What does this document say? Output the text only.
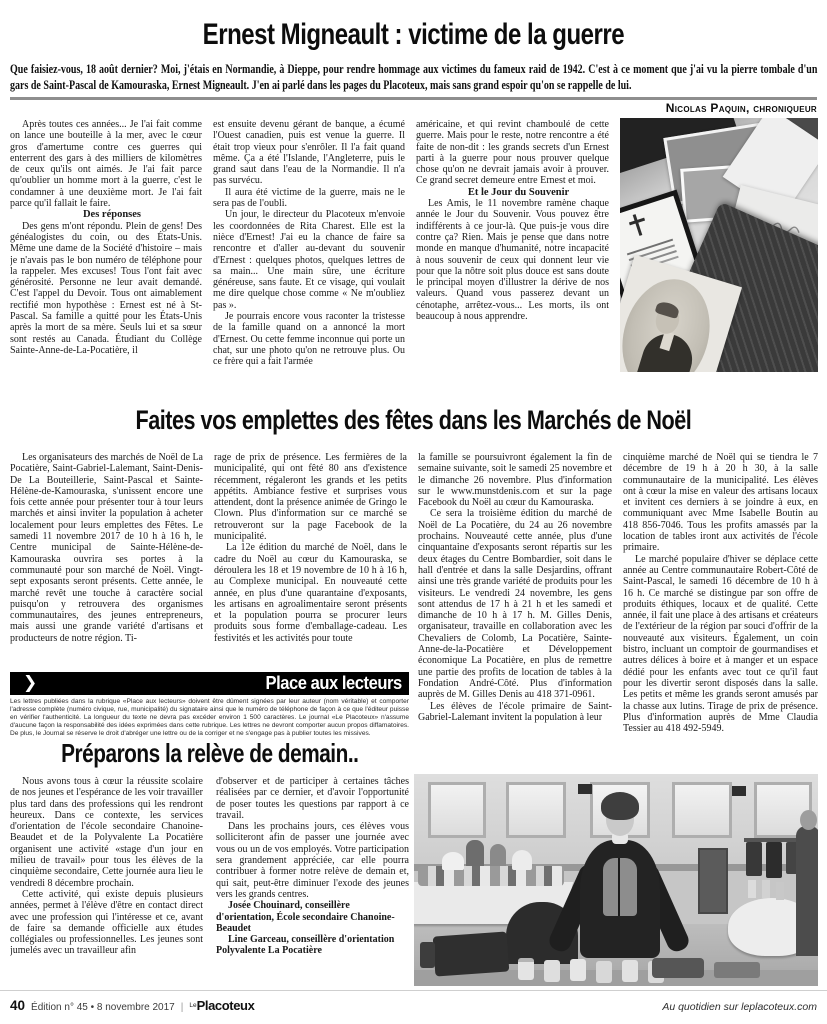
Ernest Migneault : victime de la guerre

Que faisiez-vous, 18 août dernier? Moi, j'étais en Normandie, à Dieppe, pour rendre hommage aux victimes du fameux raid de 1942. C'est à ce moment que j'ai vu la pierre tombale d'un gars de Saint-Pascal de Kamouraska, Ernest Migneault. J'en ai parlé dans les pages du Placoteux, mais sans grand espoir qu'on se rappelle de lui.

Nicolas Paquin, chroniqueur

Après toutes ces années... Je l'ai fait comme on lance une bouteille à la mer, avec le cœur gros d'amertume contre ces guerres qui enterrent des gars à des milliers de kilomètres de ceux qu'ils ont aimés. Je l'ai fait parce qu'oublier un homme mort à la guerre, c'est le condamner à une deuxième mort. Je l'ai fait parce qu'il fallait le faire.

Des réponses

Des gens m'ont répondu. Plein de gens! Des généalogistes du coin, ou des États-Unis. Même une dame de la Société d'histoire – mais je n'avais pas le bon numéro de téléphone pour la rappeler. Mes excuses! Tous l'ont fait avec générosité. Personne ne leur avait demandé. C'est l'appel du Devoir. Tous ont aimablement rectifié mon hypothèse : Ernest est né à St-Pascal. Sa famille a quitté pour les États-Unis après la mort de sa mère. Seuls lui et sa sœur sont restés au Canada. Étudiant du Collège Sainte-Anne-de-La-Pocatière, il

est ensuite devenu gérant de banque, a écumé l'Ouest canadien, puis est venue la guerre. Il était trop vieux pour s'enrôler. Il l'a fait quand même. Ça a été l'Islande, l'Angleterre, puis le grand saut dans l'eau de la Normandie. Il n'a pas survécu.

Il aura été victime de la guerre, mais ne le sera pas de l'oubli.

Un jour, le directeur du Placoteux m'envoie les coordonnées de Rita Charest. Elle est la nièce d'Ernest! J'ai eu la chance de faire sa rencontre et d'aller au-devant du souvenir d'Ernest : quelques photos, quelques lettres de sa main... Une main sûre, une écriture généreuse, sans faute. Et ce visage, qui voulait me dire quelque chose comme « Ne m'oubliez pas ».

Je pourrais encore vous raconter la tristesse de la famille quand on a annoncé la mort d'Ernest. Ou cette femme inconnue qui porte un chat, sur une photo qu'on ne retrouve plus. Ou ce frère qui a fait l'armée

américaine, et qui revint chamboulé de cette guerre. Mais pour le reste, notre rencontre a été faite de non-dit : les grands secrets d'un Ernest parti à la guerre pour nous prouver quelque chose qu'on ne devrait jamais avoir à prouver. Ce grand secret demeure entre Ernest et moi.

Et le Jour du Souvenir

Les Amis, le 11 novembre ramène chaque année le Jour du Souvenir. Vous pouvez être indifférents à ce jour-là. Que puis-je vous dire contre ça? Rien. Mais je pense que dans notre monde en manque d'humanité, notre incapacité à nous souvenir de ceux qui donnent leur vie pour que la nôtre soit plus douce est sans doute le principal moyen d'illustrer la dérive de nos valeurs. Quand vous passerez devant un cénotaphe, arrêtez-vous... Les morts, ils ont beaucoup à nous apprendre.

Faites vos emplettes des fêtes dans les Marchés de Noël

Les organisateurs des marchés de Noël de La Pocatière, Saint-Gabriel-Lalemant, Saint-Denis-De La Bouteillerie, Saint-Pascal et Sainte-Hélène-de-Kamouraska, s'unissent encore une fois cette année pour présenter tour à tour leurs marchés et ainsi inviter la population à acheter localement pour leurs emplettes des Fêtes. Le samedi 11 novembre 2017 de 10 h à 16 h, le Centre municipal de Sainte-Hélène-de-Kamouraska ouvrira ses portes à la communauté pour son marché de Noël. Vingt-sept exposants seront présents. Cette année, le marché revêt une touche à caractère social puisqu'on y retrouvera des organismes communautaires, des jeunes entrepreneurs, mais aussi une grande variété d'artisans et producteurs de notre région. Ti-

rage de prix de présence. Les fermières de la municipalité, qui ont fêté 80 ans d'existence récemment, régaleront les grands et les petits appétits. Ambiance festive et surprises vous attendent, dont la présence animée de Gringo le Clown. Plus d'information sur ce marché se retrouveront sur la page Facebook de la municipalité.

La 12e édition du marché de Noël, dans le cadre du Noël au cœur du Kamouraska, se déroulera les 18 et 19 novembre de 10 h à 16 h, au Complexe municipal. En nouveauté cette année, en plus d'une quarantaine d'exposants, les artisans en agroalimentaire seront présents et la population pourra se procurer leurs produits sous forme d'emballage-cadeau. Les festivités et les activités pour toute

la famille se poursuivront également la fin de semaine suivante, soit le samedi 25 novembre et le dimanche 26 novembre. Plus d'information sur le www.munstdenis.com et sur la page Facebook du Noël au cœur du Kamouraska.

Ce sera la troisième édition du marché de Noël de La Pocatière, du 24 au 26 novembre prochains. Nouveauté cette année, plus d'une cinquantaine d'exposants seront répartis sur les deux étages du Centre Bombardier, soit dans le hall d'entrée et dans la salle Desjardins, offrant ainsi une très grande variété de produits pour les visiteurs. Le vendredi 24 novembre, les gens sont attendus de 17 h à 21 h et les samedi et dimanche de 10 h à 17 h. M. Gilles Denis, organisateur, travaille en collaboration avec les Chevaliers de Colomb, La Pocatière, Sainte-Anne-de-la-Pocatière et Développement économique La Pocatière, en plus de remettre une partie des profits de location de tables à la Fondation André-Côté. Plus d'information auprès de M. Gilles Denis au 418 371-0961.

Les élèves de l'école primaire de Saint-Gabriel-Lalemant invitent la population à leur

cinquième marché de Noël qui se tiendra le 7 décembre de 19 h à 20 h 30, à la salle communautaire de la municipalité. Les élèves ont à cœur la mise en valeur des artisans locaux et invitent ces derniers à se joindre à eux, en communiquant avec Mme Isabelle Boutin au 418 856-7046. Tous les profits amassés par la location de tables iront aux activités de l'école primaire.

Le marché populaire d'hiver se déplace cette année au Centre communautaire Robert-Côté de Saint-Pascal, le samedi 16 décembre de 10 h à 16 h. Ce marché se distingue par son offre de produits éthiques, locaux et de qualité. Cette année, il fait une place à des artisans et créateurs de l'extérieur de la région par souci d'offrir de la nouveauté aux visiteurs. Également, un coin bistro, incluant un comptoir de gourmandises et autres délices à boire et à manger et un espace dédié pour les enfants avec tout ce qu'il faut pour les divertir seront disposés dans la salle. Les petits et même les grands seront amusés par la chasse aux lutins. Tirage de prix de présence. Plus d'information auprès de Mme Claudia Tessier au 418 492-5949.

❯	Place aux lecteurs
Les lettres publiées dans la rubrique «Place aux lecteurs» doivent être dûment signées par leur auteur (nom véritable) et comporter l'adresse complète (numéro civique, rue, municipalité) du signataire ainsi que le numéro de téléphone de façon à ce que l'éditeur puisse en vérifier l'authenticité. La longueur du texte ne devra pas excéder environ 1 500 caractères. Le journal «Le Placoteux» n'assume d'aucune façon la responsabilité des idées exprimées dans cette rubrique. Les lettres ne devront comporter aucun propos diffamatoires. De plus, le Journal se réserve le droit d'abréger une lettre ou de la corriger et ne s'engage pas à publier toutes les missives.
Préparons la relève de demain..

Nous avons tous à cœur la réussite scolaire de nos jeunes et l'espérance de les voir travailler plus tard dans des professions qui les rendront heureux. Dans ce contexte, les services d'orientation de l'école secondaire Chanoine-Beaudet et de la Polyvalente La Pocatière organisent une activité «stage d'un jour en milieu de travail» pour tous les élèves de la cinquième secondaire, Cette journée aura lieu le vendredi 8 décembre prochain.

Cette activité, qui existe depuis plusieurs années, permet à l'élève d'être en contact direct avec une profession qui l'intéresse et ce, avant de faire sa demande officielle aux études collégiales ou professionnelles. Les jeunes sont jumelés avec un travailleur afin

d'observer et de participer à certaines tâches réalisées par ce dernier, et d'avoir l'opportunité de poser toutes les questions par rapport à ce travail.

Dans les prochains jours, ces élèves vous solliciteront afin de passer une journée avec vous ou un de vos employés. Votre participation sera grandement appréciée, car elle pourra contribuer à former notre relève de demain et, qui sait, peut-être diminuer l'exode des jeunes vers les grands centres.

Josée Chouinard, conseillère d'orientation, École secondaire Chanoine-Beaudet

Line Garceau, conseillère d'orientation Polyvalente La Pocatière

40 Édition n° 45 • 8 novembre 2017 | LePlacoteux	Au quotidien sur leplacoteux.com
